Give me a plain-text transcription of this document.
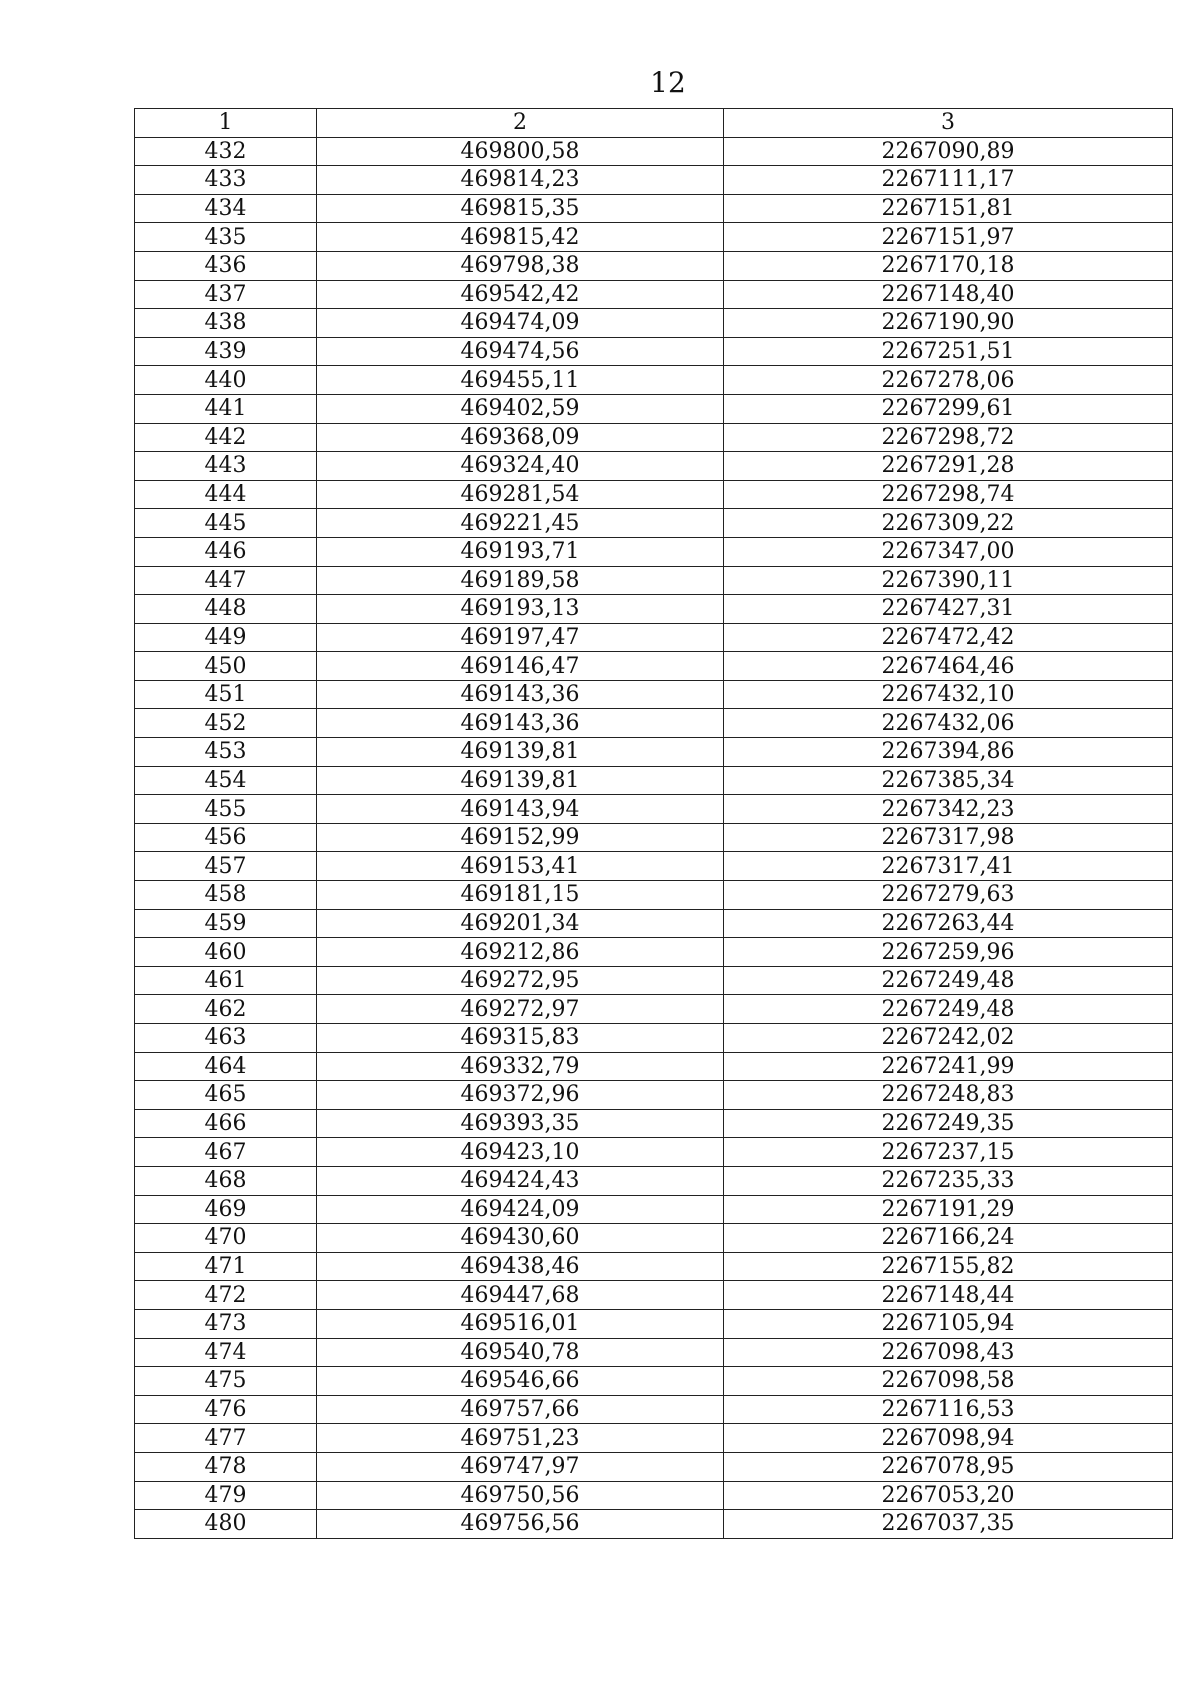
12
1	2	3
432	469800,58	2267090,89
433	469814,23	2267111,17
434	469815,35	2267151,81
435	469815,42	2267151,97
436	469798,38	2267170,18
437	469542,42	2267148,40
438	469474,09	2267190,90
439	469474,56	2267251,51
440	469455,11	2267278,06
441	469402,59	2267299,61
442	469368,09	2267298,72
443	469324,40	2267291,28
444	469281,54	2267298,74
445	469221,45	2267309,22
446	469193,71	2267347,00
447	469189,58	2267390,11
448	469193,13	2267427,31
449	469197,47	2267472,42
450	469146,47	2267464,46
451	469143,36	2267432,10
452	469143,36	2267432,06
453	469139,81	2267394,86
454	469139,81	2267385,34
455	469143,94	2267342,23
456	469152,99	2267317,98
457	469153,41	2267317,41
458	469181,15	2267279,63
459	469201,34	2267263,44
460	469212,86	2267259,96
461	469272,95	2267249,48
462	469272,97	2267249,48
463	469315,83	2267242,02
464	469332,79	2267241,99
465	469372,96	2267248,83
466	469393,35	2267249,35
467	469423,10	2267237,15
468	469424,43	2267235,33
469	469424,09	2267191,29
470	469430,60	2267166,24
471	469438,46	2267155,82
472	469447,68	2267148,44
473	469516,01	2267105,94
474	469540,78	2267098,43
475	469546,66	2267098,58
476	469757,66	2267116,53
477	469751,23	2267098,94
478	469747,97	2267078,95
479	469750,56	2267053,20
480	469756,56	2267037,35
